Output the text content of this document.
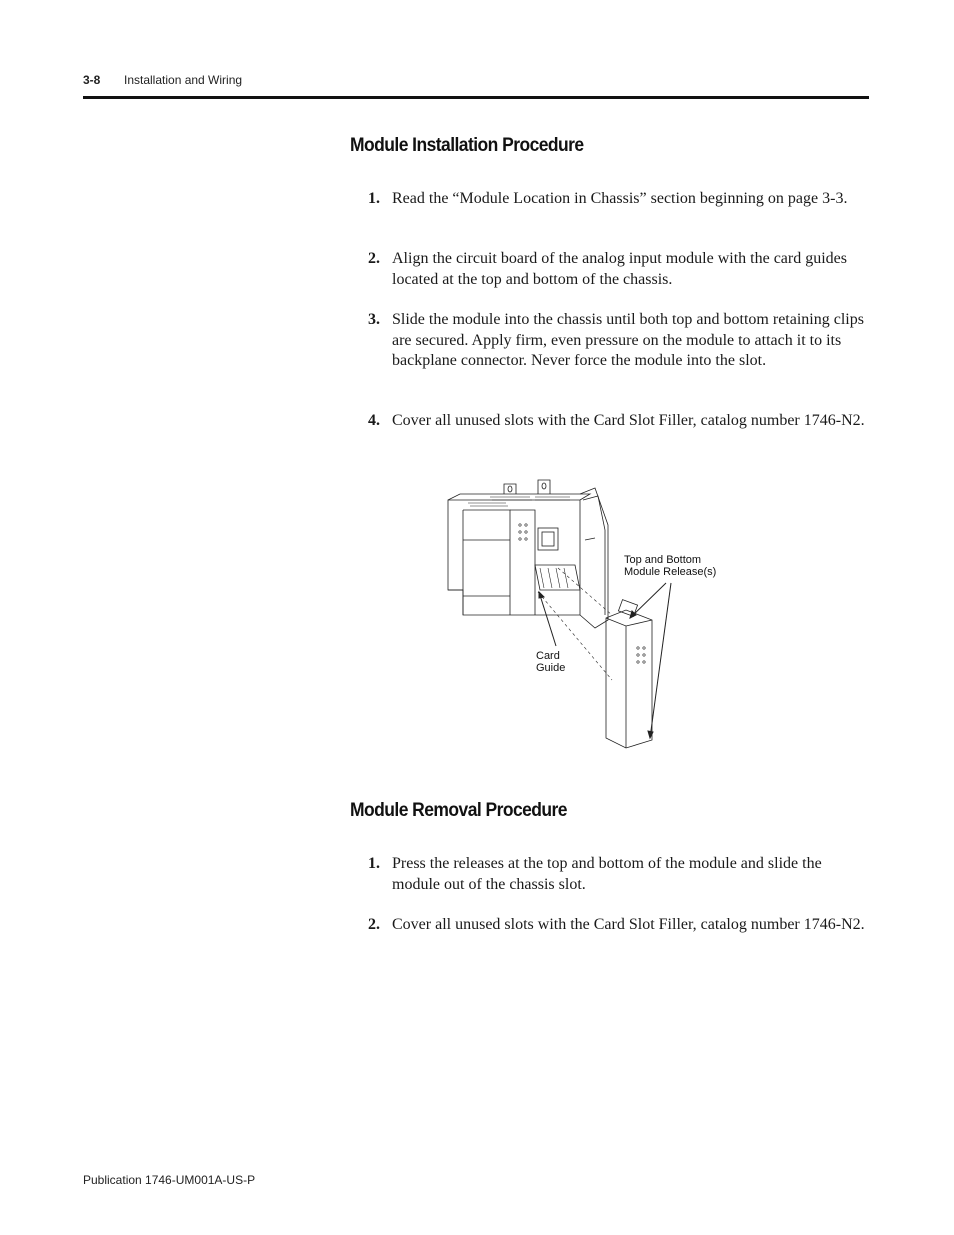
3-8 Installation and Wiring
Module Installation Procedure
1. Read the “Module Location in Chassis” section beginning on page 3-3.
2. Align the circuit board of the analog input module with the card guides located at the top and bottom of the chassis.
3. Slide the module into the chassis until both top and bottom retaining clips are secured. Apply firm, even pressure on the module to attach it to its backplane connector. Never force the module into the slot.
4. Cover all unused slots with the Card Slot Filler, catalog number 1746-N2.
Top and Bottom
Module Release(s)
Card
Guide
Module Removal Procedure
1. Press the releases at the top and bottom of the module and slide the module out of the chassis slot.
2. Cover all unused slots with the Card Slot Filler, catalog number 1746-N2.
Publication 1746-UM001A-US-P
